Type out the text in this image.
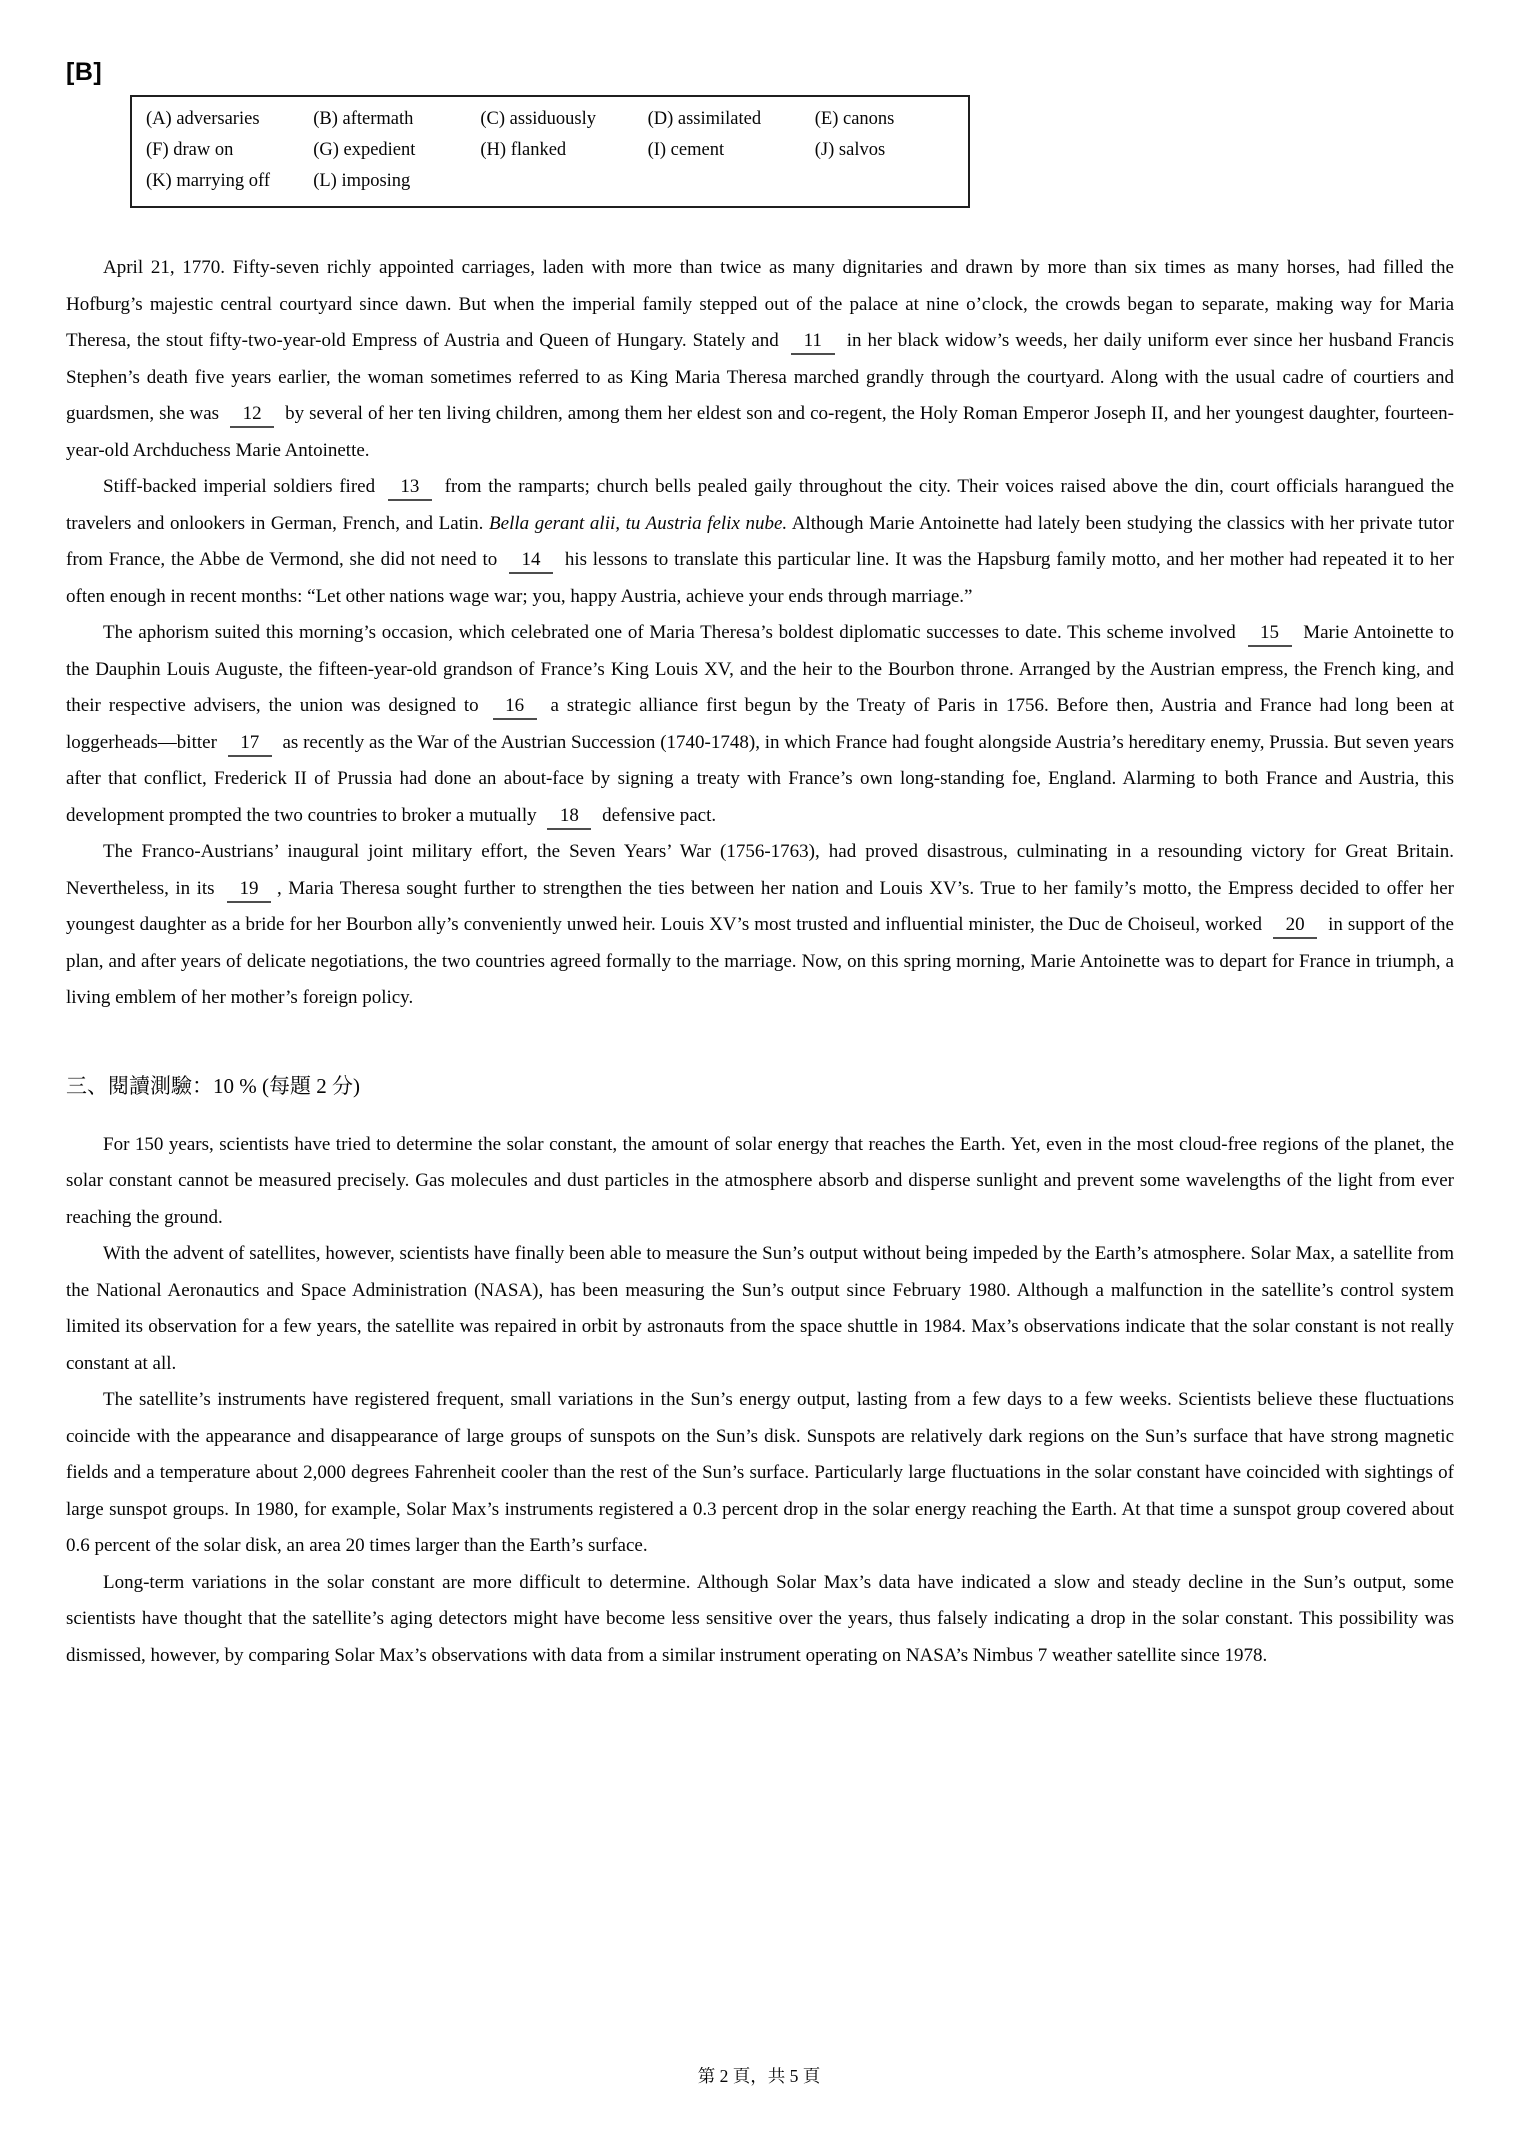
[B]
(A) adversaries	(B) aftermath	(C) assiduously	(D) assimilated	(E) canons
(F) draw on	(G) expedient	(H) flanked	(I) cement	(J) salvos
(K) marrying off	(L) imposing

April 21, 1770. Fifty-seven richly appointed carriages, laden with more than twice as many dignitaries and drawn by more than six times as many horses, had filled the Hofburg’s majestic central courtyard since dawn. But when the imperial family stepped out of the palace at nine o’clock, the crowds began to separate, making way for Maria Theresa, the stout fifty-two-year-old Empress of Austria and Queen of Hungary. Stately and 11 in her black widow’s weeds, her daily uniform ever since her husband Francis Stephen’s death five years earlier, the woman sometimes referred to as King Maria Theresa marched grandly through the courtyard. Along with the usual cadre of courtiers and guardsmen, she was 12 by several of her ten living children, among them her eldest son and co-regent, the Holy Roman Emperor Joseph II, and her youngest daughter, fourteen-year-old Archduchess Marie Antoinette.

Stiff-backed imperial soldiers fired 13 from the ramparts; church bells pealed gaily throughout the city. Their voices raised above the din, court officials harangued the travelers and onlookers in German, French, and Latin. Bella gerant alii, tu Austria felix nube. Although Marie Antoinette had lately been studying the classics with her private tutor from France, the Abbe de Vermond, she did not need to 14 his lessons to translate this particular line. It was the Hapsburg family motto, and her mother had repeated it to her often enough in recent months: “Let other nations wage war; you, happy Austria, achieve your ends through marriage.”

The aphorism suited this morning’s occasion, which celebrated one of Maria Theresa’s boldest diplomatic successes to date. This scheme involved 15 Marie Antoinette to the Dauphin Louis Auguste, the fifteen-year-old grandson of France’s King Louis XV, and the heir to the Bourbon throne. Arranged by the Austrian empress, the French king, and their respective advisers, the union was designed to 16 a strategic alliance first begun by the Treaty of Paris in 1756. Before then, Austria and France had long been at loggerheads—bitter 17 as recently as the War of the Austrian Succession (1740-1748), in which France had fought alongside Austria’s hereditary enemy, Prussia. But seven years after that conflict, Frederick II of Prussia had done an about-face by signing a treaty with France’s own long-standing foe, England. Alarming to both France and Austria, this development prompted the two countries to broker a mutually 18 defensive pact.

The Franco-Austrians’ inaugural joint military effort, the Seven Years’ War (1756-1763), had proved disastrous, culminating in a resounding victory for Great Britain. Nevertheless, in its 19 , Maria Theresa sought further to strengthen the ties between her nation and Louis XV’s. True to her family’s motto, the Empress decided to offer her youngest daughter as a bride for her Bourbon ally’s conveniently unwed heir. Louis XV’s most trusted and influential minister, the Duc de Choiseul, worked 20 in support of the plan, and after years of delicate negotiations, the two countries agreed formally to the marriage. Now, on this spring morning, Marie Antoinette was to depart for France in triumph, a living emblem of her mother’s foreign policy.

三、閱讀測驗：10 % (每題 2 分)

For 150 years, scientists have tried to determine the solar constant, the amount of solar energy that reaches the Earth. Yet, even in the most cloud-free regions of the planet, the solar constant cannot be measured precisely. Gas molecules and dust particles in the atmosphere absorb and disperse sunlight and prevent some wavelengths of the light from ever reaching the ground.

With the advent of satellites, however, scientists have finally been able to measure the Sun’s output without being impeded by the Earth’s atmosphere. Solar Max, a satellite from the National Aeronautics and Space Administration (NASA), has been measuring the Sun’s output since February 1980. Although a malfunction in the satellite’s control system limited its observation for a few years, the satellite was repaired in orbit by astronauts from the space shuttle in 1984. Max’s observations indicate that the solar constant is not really constant at all.

The satellite’s instruments have registered frequent, small variations in the Sun’s energy output, lasting from a few days to a few weeks. Scientists believe these fluctuations coincide with the appearance and disappearance of large groups of sunspots on the Sun’s disk. Sunspots are relatively dark regions on the Sun’s surface that have strong magnetic fields and a temperature about 2,000 degrees Fahrenheit cooler than the rest of the Sun’s surface. Particularly large fluctuations in the solar constant have coincided with sightings of large sunspot groups. In 1980, for example, Solar Max’s instruments registered a 0.3 percent drop in the solar energy reaching the Earth. At that time a sunspot group covered about 0.6 percent of the solar disk, an area 20 times larger than the Earth’s surface.

Long-term variations in the solar constant are more difficult to determine. Although Solar Max’s data have indicated a slow and steady decline in the Sun’s output, some scientists have thought that the satellite’s aging detectors might have become less sensitive over the years, thus falsely indicating a drop in the solar constant. This possibility was dismissed, however, by comparing Solar Max’s observations with data from a similar instrument operating on NASA’s Nimbus 7 weather satellite since 1978.

第 2 頁，共 5 頁
